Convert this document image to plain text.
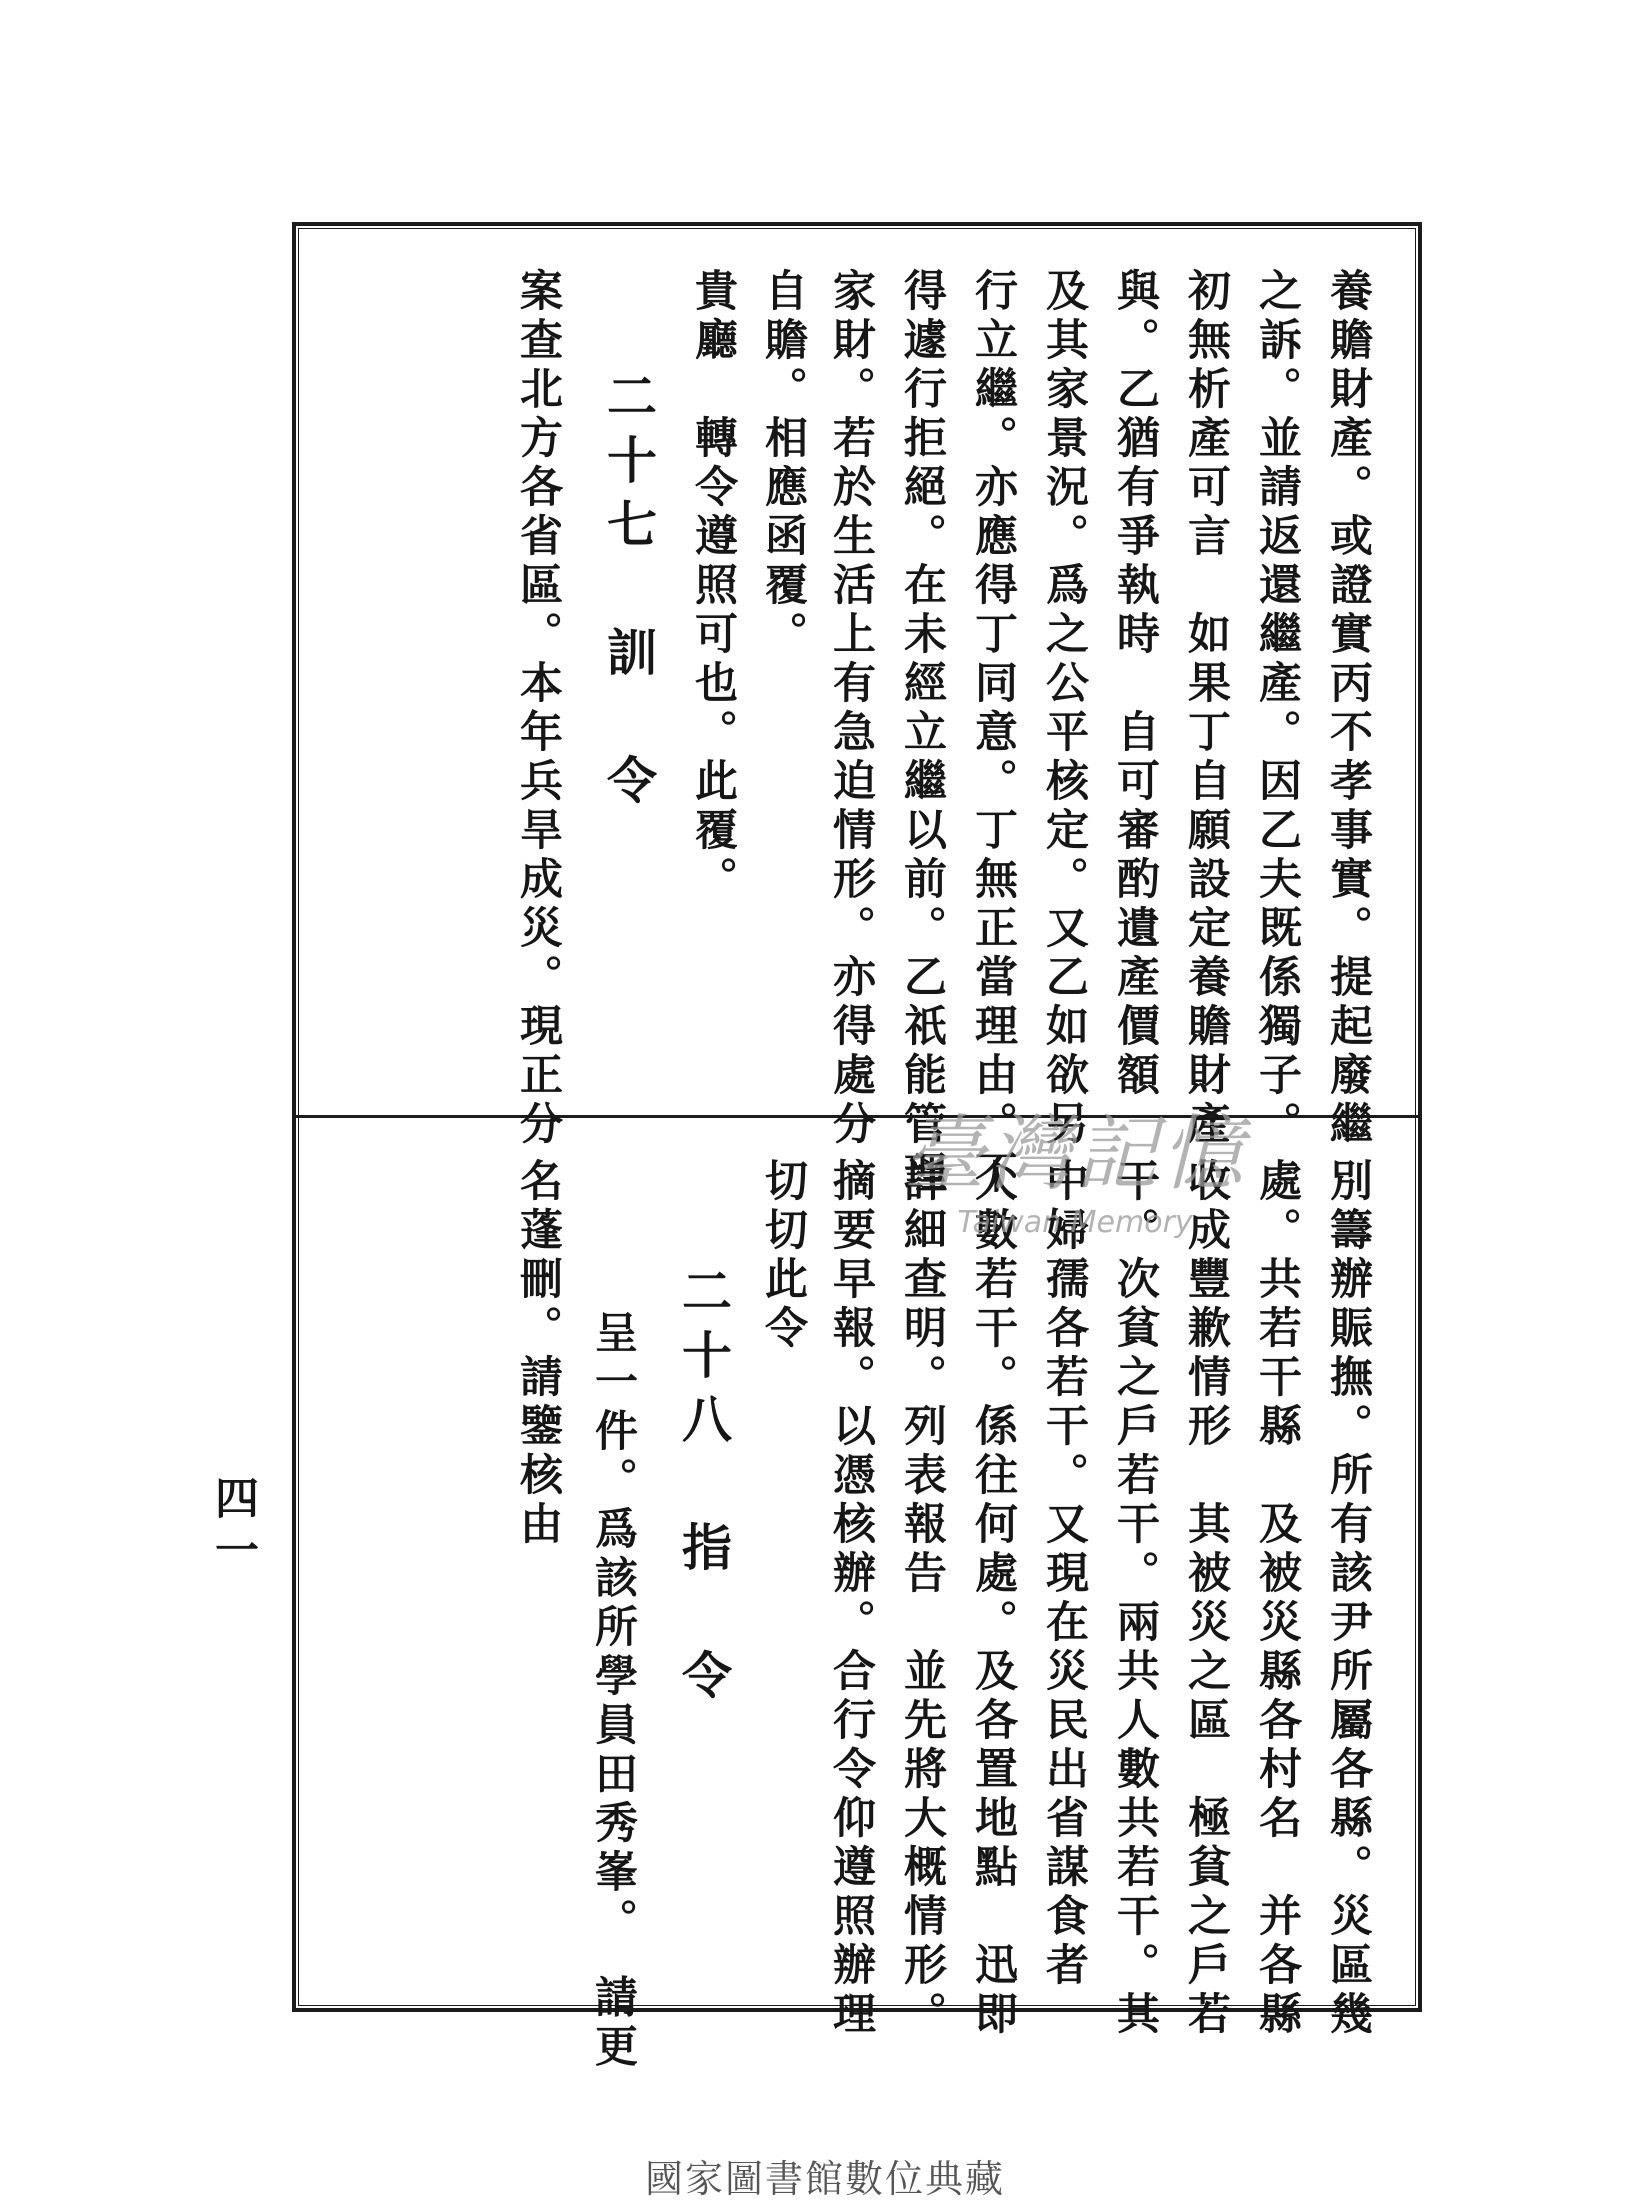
養贍財產。或證實丙不孝事實。提起廢繼
之訴。並請返還繼產。因乙夫既係獨子。
初無析產可言　如果丁自願設定養贍財產
與。乙猶有爭執時　自可審酌遺產價額
及其家景況。爲之公平核定。又乙如欲另
行立繼。亦應得丁同意。丁無正當理由。不
得遽行拒絕。在未經立繼以前。乙祇能管理
家財。若於生活上有急迫情形。亦得處分
自贍。相應函覆。
貴廳　轉令遵照可也。此覆。
二十七　訓　令
案查北方各省區。本年兵旱成災。現正分
別籌辦賑撫。所有該尹所屬各縣。災區幾
處。共若干縣　及被災縣各村名　并各縣
收成豐歉情形　其被災之區　極貧之戶若
干。次貧之戶若干。兩共人數共若干。其
中婦孺各若干。又現在災民出省謀食者
人數若干。係往何處。及各置地點　迅即
詳細查明。列表報告　並先將大概情形。
摘要早報。以憑核辦。合行令仰遵照辦理
切切此令
二十八　指　令
呈一件。爲該所學員田秀峯。　請更
名蓬刪。請鑒核由
四一
臺灣記憶
Taiwan Memory
國家圖書館數位典藏
